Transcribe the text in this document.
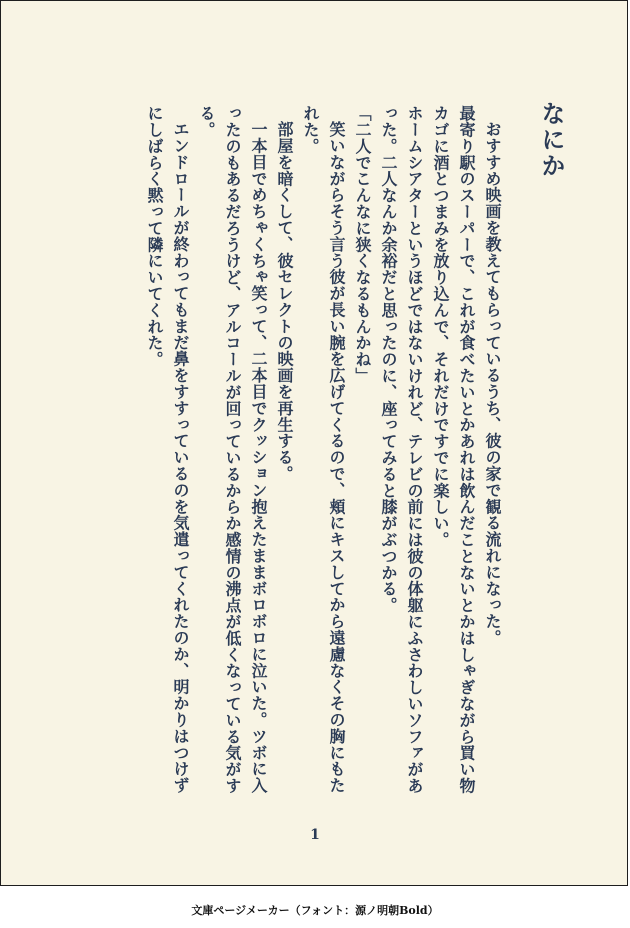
なにか

おすすめ映画を教えてもらっているうち、彼の家で観る流れになった。

最寄り駅のスーパーで、これが食べたいとかあれは飲んだことないとかはしゃぎながら買い物カゴに酒とつまみを放り込んで、それだけですでに楽しい。

ホームシアターというほどではないけれど、テレビの前には彼の体躯にふさわしいソファがあった。二人なんか余裕だと思ったのに、座ってみると膝がぶつかる。

「二人でこんなに狭くなるもんかね」

笑いながらそう言う彼が長い腕を広げてくるので、頬にキスしてから遠慮なくその胸にもたれた。

部屋を暗くして、彼セレクトの映画を再生する。

一本目でめちゃくちゃ笑って、二本目でクッション抱えたままボロボロに泣いた。ツボに入ったのもあるだろうけど、アルコールが回っているからか感情の沸点が低くなっている気がする。

エンドロールが終わってもまだ鼻をすすっているのを気遣ってくれたのか、明かりはつけずにしばらく黙って隣にいてくれた。

1
文庫ページメーカー（フォント：源ノ明朝Bold）
